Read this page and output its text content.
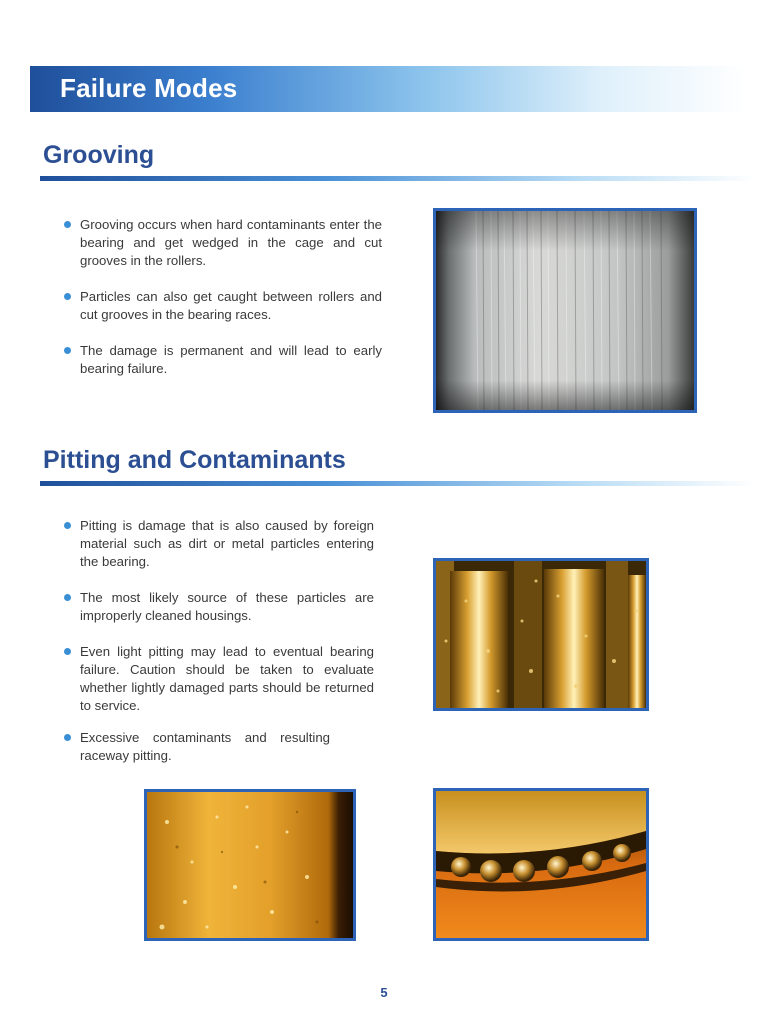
Failure Modes
Grooving
Grooving occurs when hard contaminants enter the bearing and get wedged in the cage and cut grooves in the rollers.
Particles can also get caught between rollers and cut grooves in the bearing races.
The damage is permanent and will lead to early bearing failure.
Pitting and Contaminants
Pitting is damage that is also caused by foreign material such as dirt or metal particles entering the bearing.
The most likely source of these particles are improperly cleaned housings.
Even light pitting may lead to eventual bearing failure. Caution should be taken to evaluate whether lightly damaged parts should be returned to service.
Excessive contaminants and resulting raceway pitting.
5
